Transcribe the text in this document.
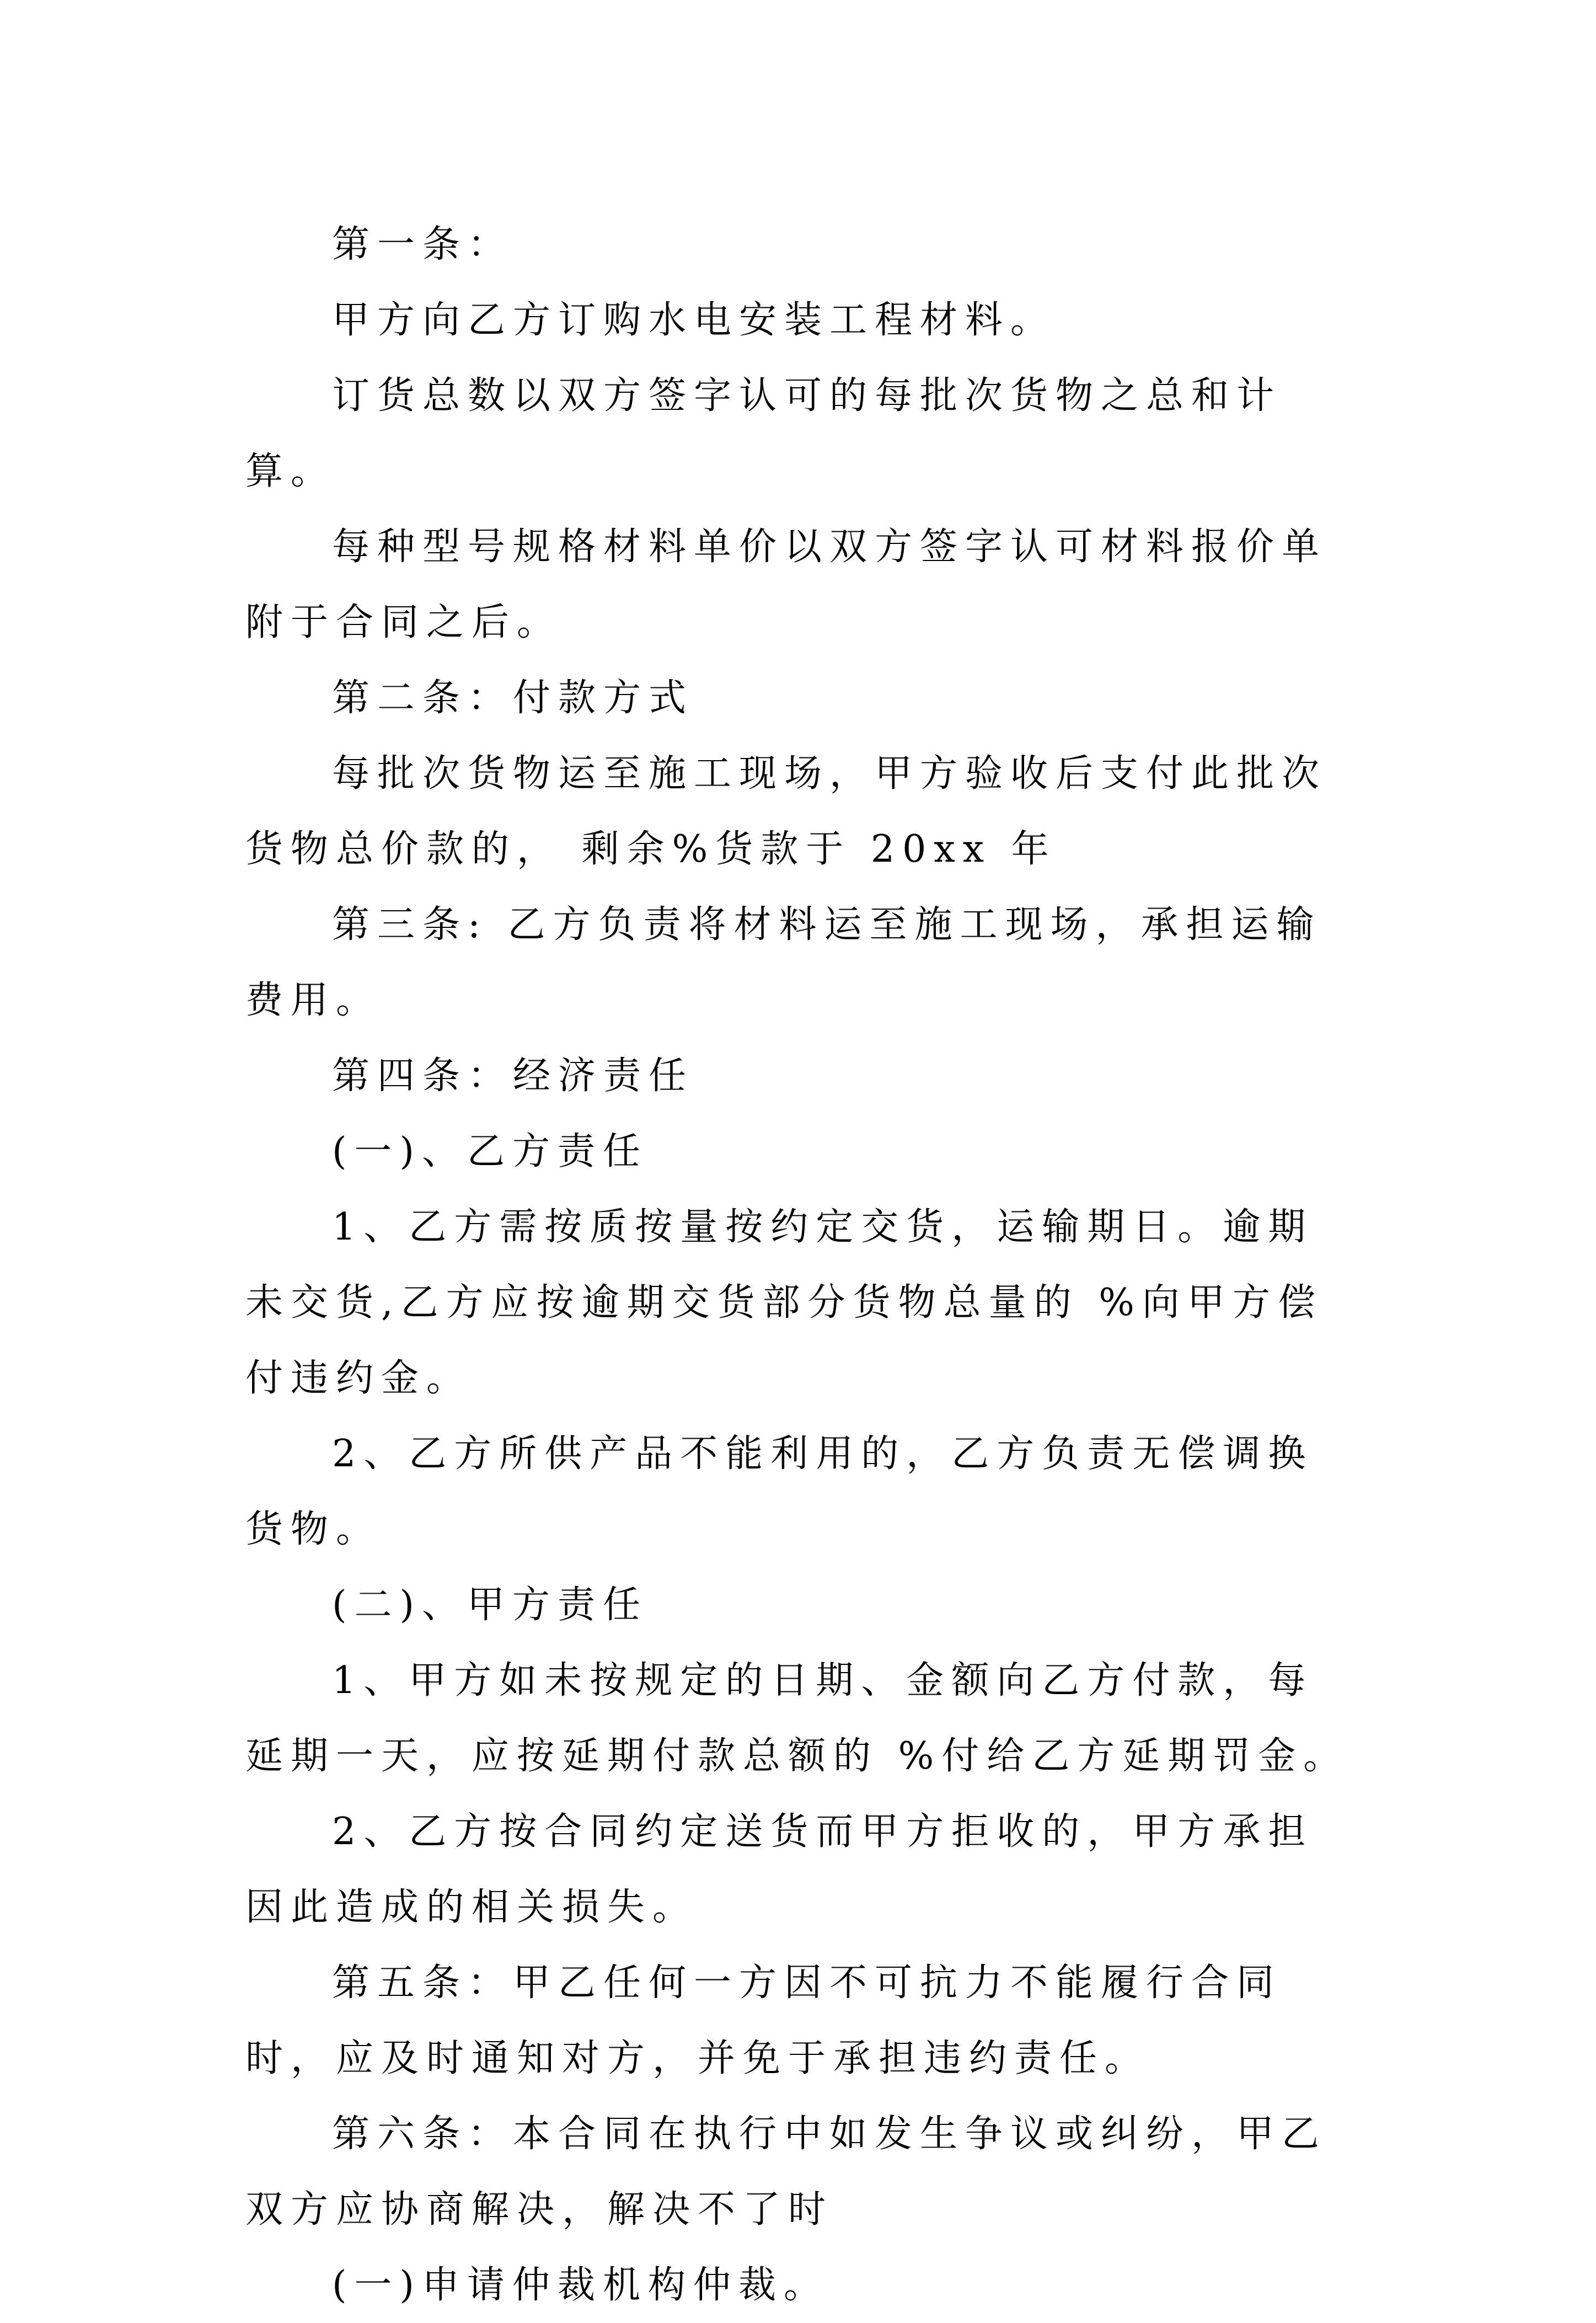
第一条：

甲方向乙方订购水电安装工程材料。

订货总数以双方签字认可的每批次货物之总和计算。

每种型号规格材料单价以双方签字认可材料报价单附于合同之后。

第二条：付款方式

每批次货物运至施工现场，甲方验收后支付此批次货物总价款的， 剩余%货款于 20xx 年

第三条: 乙方负责将材料运至施工现场，承担运输费用。

第四条：经济责任

(一)、乙方责任

1、乙方需按质按量按约定交货，运输期日。逾期未交货,乙方应按逾期交货部分货物总量的 %向甲方偿付违约金。

2、乙方所供产品不能利用的，乙方负责无偿调换货物。

(二)、甲方责任

1、甲方如未按规定的日期、金额向乙方付款，每延期一天，应按延期付款总额的 %付给乙方延期罚金。

2、乙方按合同约定送货而甲方拒收的，甲方承担因此造成的相关损失。

第五条：甲乙任何一方因不可抗力不能履行合同时，应及时通知对方，并免于承担违约责任。

第六条：本合同在执行中如发生争议或纠纷，甲乙双方应协商解决，解决不了时

(一)申请仲裁机构仲裁。
